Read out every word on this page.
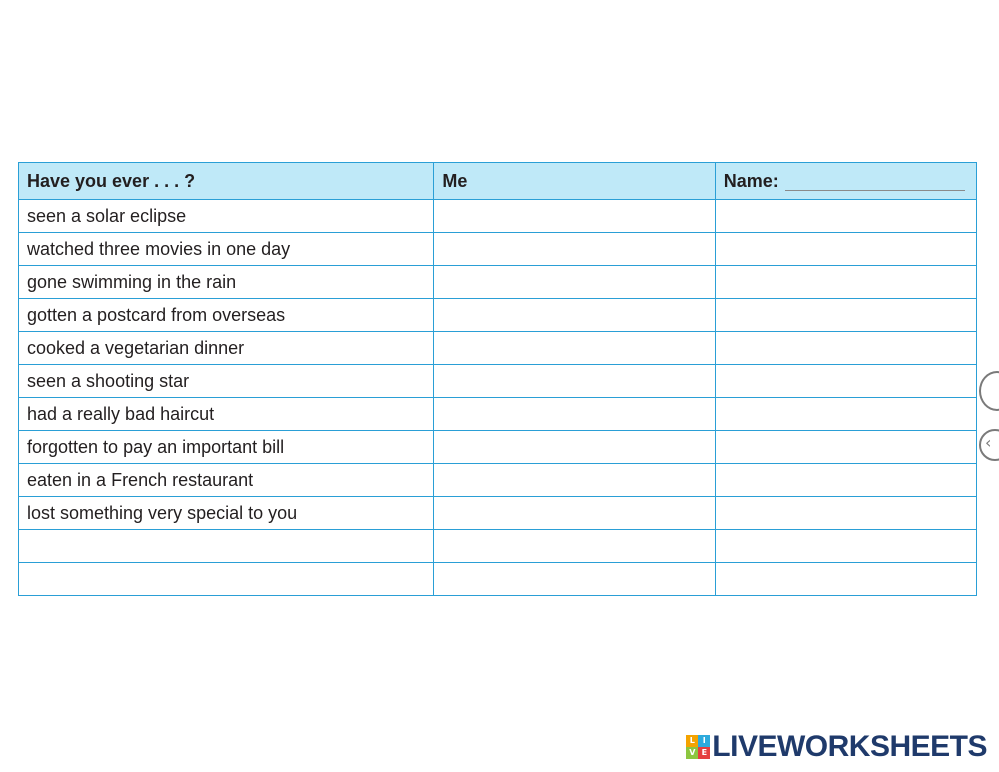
Have you ever . . . ?	Me	Name:
seen a solar eclipse		
watched three movies in one day		
gone swimming in the rain		
gotten a postcard from overseas		
cooked a vegetarian dinner		
seen a shooting star		
had a really bad haircut		
forgotten to pay an important bill		
eaten in a French restaurant		
lost something very special to you		

‹
L I
V E LIVEWORKSHEETS
